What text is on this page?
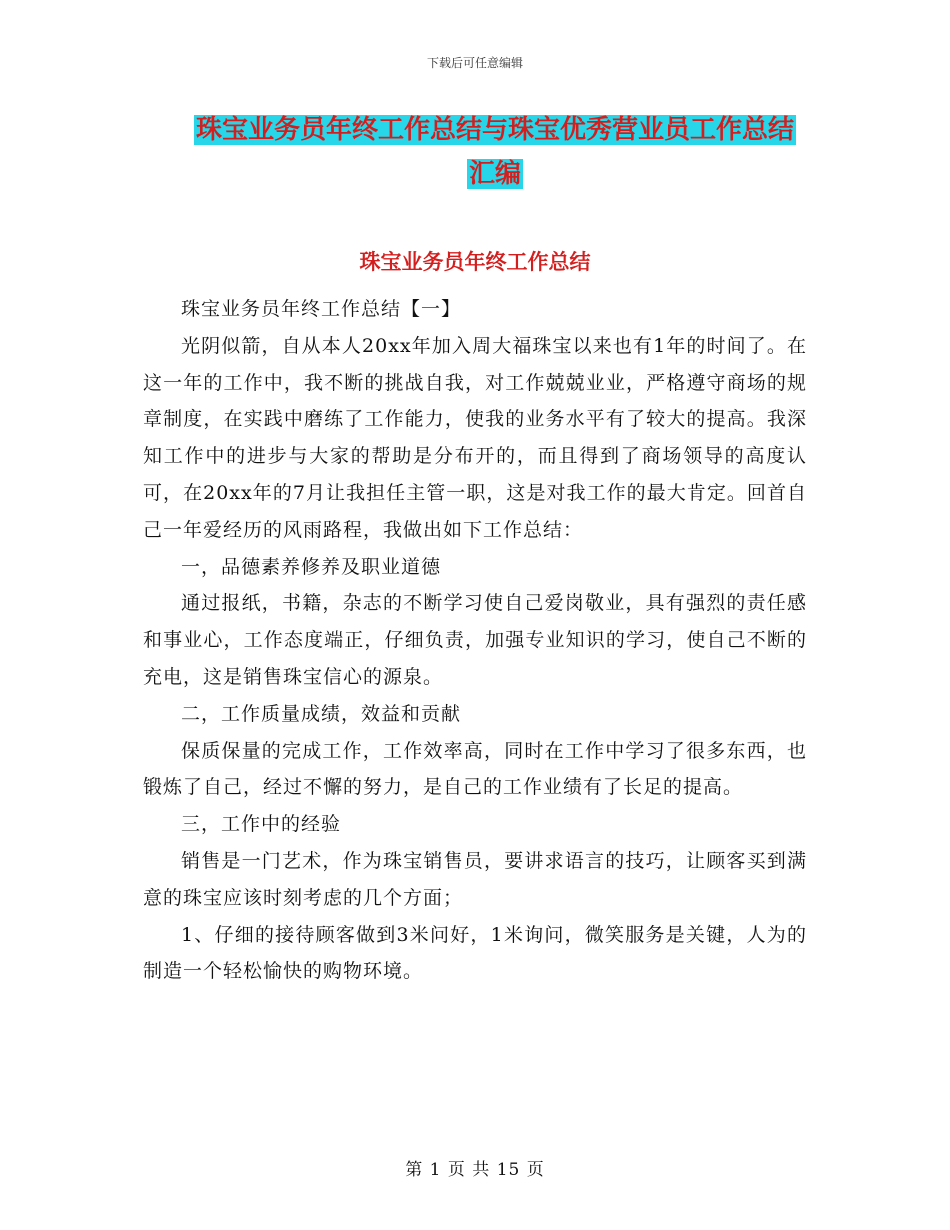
下载后可任意编辑
珠宝业务员年终工作总结与珠宝优秀营业员工作总结
汇编
珠宝业务员年终工作总结

珠宝业务员年终工作总结【一】

光阴似箭，自从本人20xx年加入周大福珠宝以来也有1年的时间了。在这一年的工作中，我不断的挑战自我，对工作兢兢业业，严格遵守商场的规章制度，在实践中磨练了工作能力，使我的业务水平有了较大的提高。我深知工作中的进步与大家的帮助是分布开的，而且得到了商场领导的高度认可，在20xx年的7月让我担任主管一职，这是对我工作的最大肯定。回首自己一年爱经历的风雨路程，我做出如下工作总结：

一，品德素养修养及职业道德

通过报纸，书籍，杂志的不断学习使自己爱岗敬业，具有强烈的责任感和事业心，工作态度端正，仔细负责，加强专业知识的学习，使自己不断的充电，这是销售珠宝信心的源泉。

二，工作质量成绩，效益和贡献

保质保量的完成工作，工作效率高，同时在工作中学习了很多东西，也锻炼了自己，经过不懈的努力，是自己的工作业绩有了长足的提高。

三，工作中的经验

销售是一门艺术，作为珠宝销售员，要讲求语言的技巧，让顾客买到满意的珠宝应该时刻考虑的几个方面；

1、仔细的接待顾客做到3米问好，1米询问，微笑服务是关键，人为的制造一个轻松愉快的购物环境。

第 1 页 共 15 页
